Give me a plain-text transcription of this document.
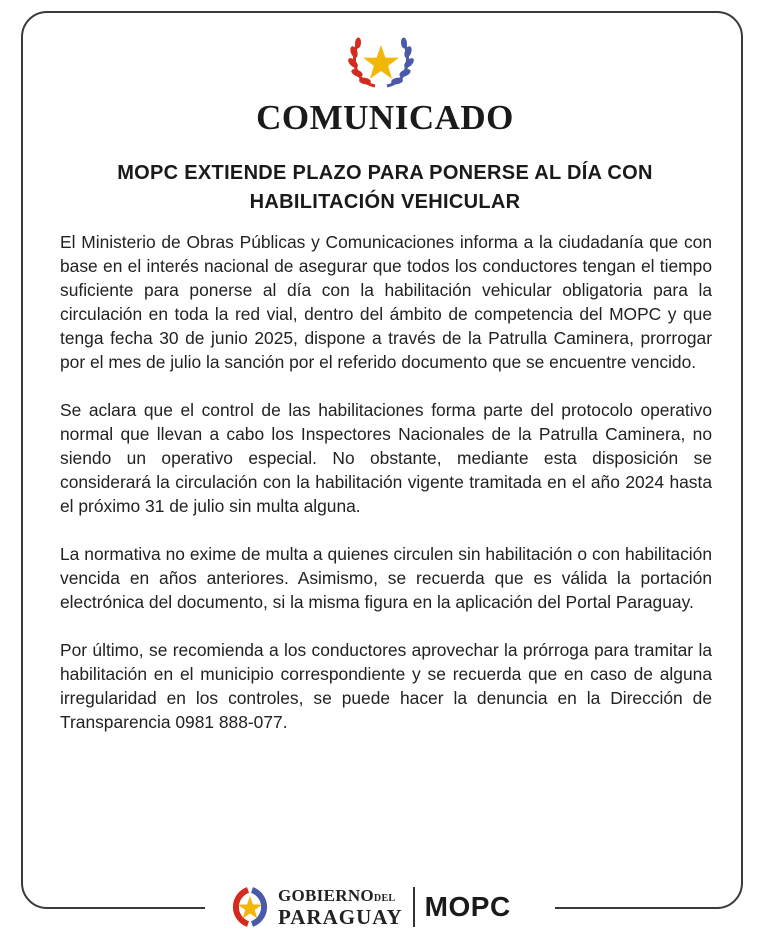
COMUNICADO
MOPC EXTIENDE PLAZO PARA PONERSE AL DÍA CON
HABILITACIÓN VEHICULAR

El Ministerio de Obras Públicas y Comunicaciones informa a la ciudadanía que con base en el interés nacional de asegurar que todos los conductores tengan el tiempo suficiente para ponerse al día con la habilitación vehicular obligatoria para la circulación en toda la red vial, dentro del ámbito de competencia del MOPC y que tenga fecha 30 de junio 2025, dispone a través de la Patrulla Caminera, prorrogar por el mes de julio la sanción por el referido documento que se encuentre vencido.

Se aclara que el control de las habilitaciones forma parte del protocolo operativo normal que llevan a cabo los Inspectores Nacionales de la Patrulla Caminera, no siendo un operativo especial. No obstante, mediante esta disposición se considerará la circulación con la habilitación vigente tramitada en el año 2024 hasta el próximo 31 de julio sin multa alguna.

La normativa no exime de multa a quienes circulen sin habilitación o con habilitación vencida en años anteriores. Asimismo, se recuerda que es válida la portación electrónica del documento, si la misma figura en la aplicación del Portal Paraguay.

Por último, se recomienda a los conductores aprovechar la prórroga para tramitar la habilitación en el municipio correspondiente y se recuerda que en caso de alguna irregularidad en los controles, se puede hacer la denuncia en la Dirección de Transparencia 0981 888-077.

GOBIERNODEL
PARAGUAY MOPC
